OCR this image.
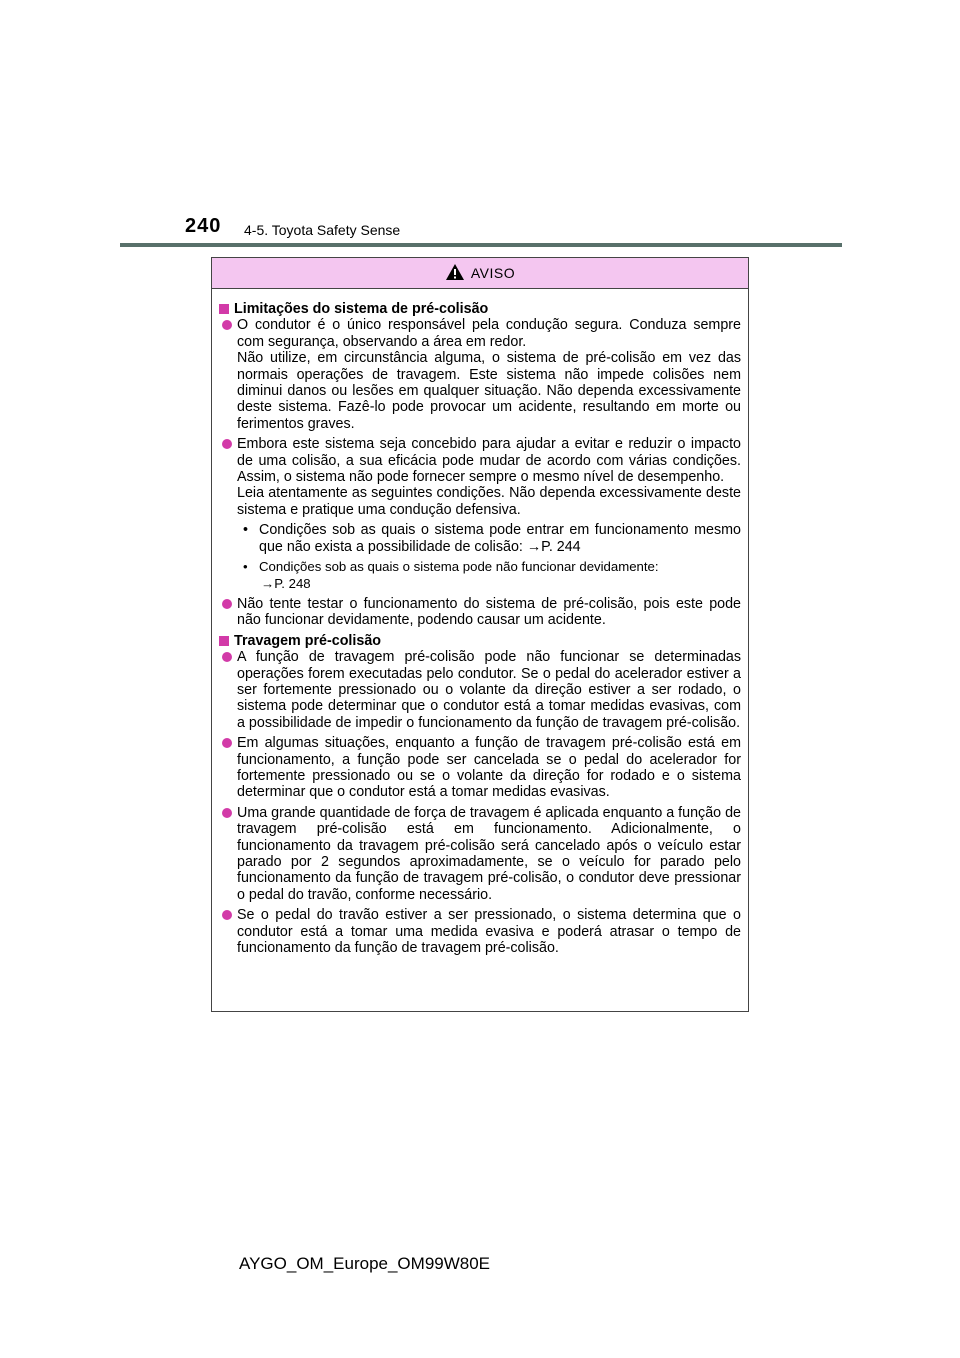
240 4-5. Toyota Safety Sense
AVISO
Limitações do sistema de pré-colisão

O condutor é o único responsável pela condução segura. Conduza sempre com segurança, observando a área em redor.

Não utilize, em circunstância alguma, o sistema de pré-colisão em vez das normais operações de travagem. Este sistema não impede colisões nem diminui danos ou lesões em qualquer situação. Não dependa excessivamente deste sistema. Fazê-lo pode provocar um acidente, resultando em morte ou ferimentos graves.

Embora este sistema seja concebido para ajudar a evitar e reduzir o impacto de uma colisão, a sua eficácia pode mudar de acordo com várias condições. Assim, o sistema não pode fornecer sempre o mesmo nível de desempenho.

Leia atentamente as seguintes condições. Não dependa excessivamente deste sistema e pratique uma condução defensiva.

• Condições sob as quais o sistema pode entrar em funcionamento mesmo que não exista a possibilidade de colisão: →P. 244
• Condições sob as quais o sistema pode não funcionar devidamente:
→P. 248

Não tente testar o funcionamento do sistema de pré-colisão, pois este pode não funcionar devidamente, podendo causar um acidente.

Travagem pré-colisão

A função de travagem pré-colisão pode não funcionar se determinadas operações forem executadas pelo condutor. Se o pedal do acelerador estiver a ser fortemente pressionado ou o volante da direção estiver a ser rodado, o sistema pode determinar que o condutor está a tomar medidas evasivas, com a possibilidade de impedir o funcionamento da função de travagem pré-colisão.

Em algumas situações, enquanto a função de travagem pré-colisão está em funcionamento, a função pode ser cancelada se o pedal do acelerador for fortemente pressionado ou se o volante da direção for rodado e o sistema determinar que o condutor está a tomar medidas evasivas.

Uma grande quantidade de força de travagem é aplicada enquanto a função de travagem pré-colisão está em funcionamento. Adicionalmente, o funcionamento da travagem pré-colisão será cancelado após o veículo estar parado por 2 segundos aproximadamente, se o veículo for parado pelo funcionamento da função de travagem pré-colisão, o condutor deve pressionar o pedal do travão, conforme necessário.

Se o pedal do travão estiver a ser pressionado, o sistema determina que o condutor está a tomar uma medida evasiva e poderá atrasar o tempo de funcionamento da função de travagem pré-colisão.

AYGO_OM_Europe_OM99W80E
